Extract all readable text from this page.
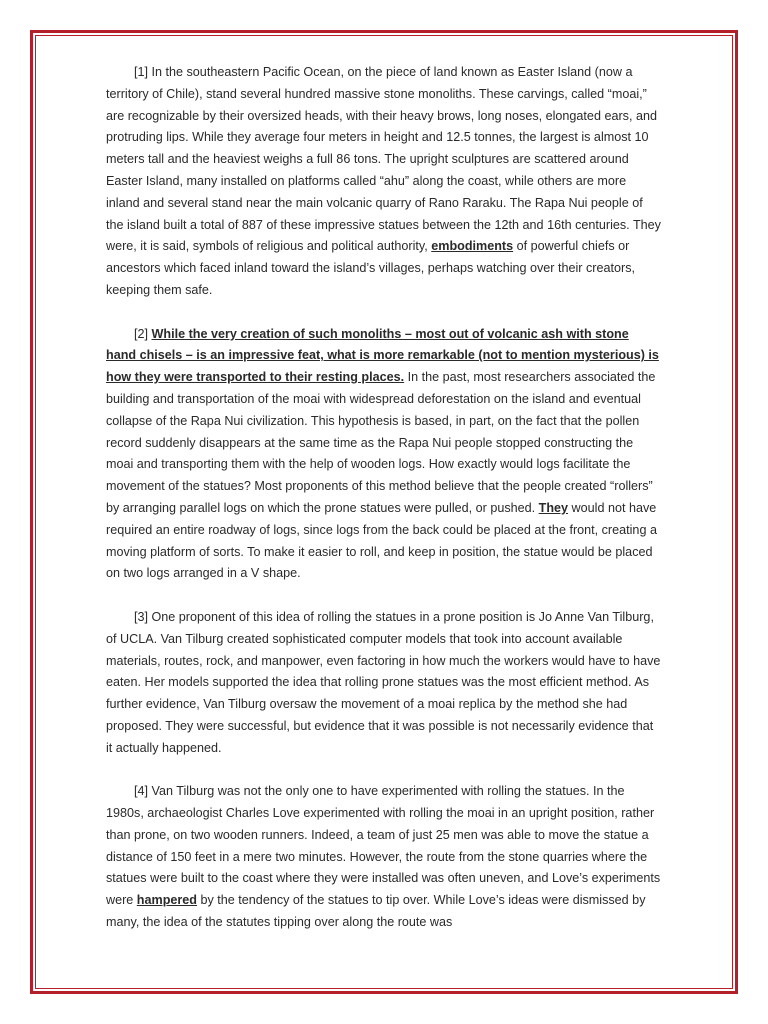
[1] In the southeastern Pacific Ocean, on the piece of land known as Easter Island (now a territory of Chile), stand several hundred massive stone monoliths. These carvings, called “moai,” are recognizable by their oversized heads, with their heavy brows, long noses, elongated ears, and protruding lips. While they average four meters in height and 12.5 tonnes, the largest is almost 10 meters tall and the heaviest weighs a full 86 tons. The upright sculptures are scattered around Easter Island, many installed on platforms called “ahu” along the coast, while others are more inland and several stand near the main volcanic quarry of Rano Raraku. The Rapa Nui people of the island built a total of 887 of these impressive statues between the 12th and 16th centuries. They were, it is said, symbols of religious and political authority, embodiments of powerful chiefs or ancestors which faced inland toward the island’s villages, perhaps watching over their creators, keeping them safe.

[2] While the very creation of such monoliths – most out of volcanic ash with stone hand chisels – is an impressive feat, what is more remarkable (not to mention mysterious) is how they were transported to their resting places. In the past, most researchers associated the building and transportation of the moai with widespread deforestation on the island and eventual collapse of the Rapa Nui civilization. This hypothesis is based, in part, on the fact that the pollen record suddenly disappears at the same time as the Rapa Nui people stopped constructing the moai and transporting them with the help of wooden logs. How exactly would logs facilitate the movement of the statues? Most proponents of this method believe that the people created “rollers” by arranging parallel logs on which the prone statues were pulled, or pushed. They would not have required an entire roadway of logs, since logs from the back could be placed at the front, creating a moving platform of sorts. To make it easier to roll, and keep in position, the statue would be placed on two logs arranged in a V shape.

[3] One proponent of this idea of rolling the statues in a prone position is Jo Anne Van Tilburg, of UCLA. Van Tilburg created sophisticated computer models that took into account available materials, routes, rock, and manpower, even factoring in how much the workers would have to have eaten. Her models supported the idea that rolling prone statues was the most efficient method. As further evidence, Van Tilburg oversaw the movement of a moai replica by the method she had proposed. They were successful, but evidence that it was possible is not necessarily evidence that it actually happened.

[4] Van Tilburg was not the only one to have experimented with rolling the statues. In the 1980s, archaeologist Charles Love experimented with rolling the moai in an upright position, rather than prone, on two wooden runners. Indeed, a team of just 25 men was able to move the statue a distance of 150 feet in a mere two minutes. However, the route from the stone quarries where the statues were built to the coast where they were installed was often uneven, and Love’s experiments were hampered by the tendency of the statues to tip over. While Love’s ideas were dismissed by many, the idea of the statutes tipping over along the route was
